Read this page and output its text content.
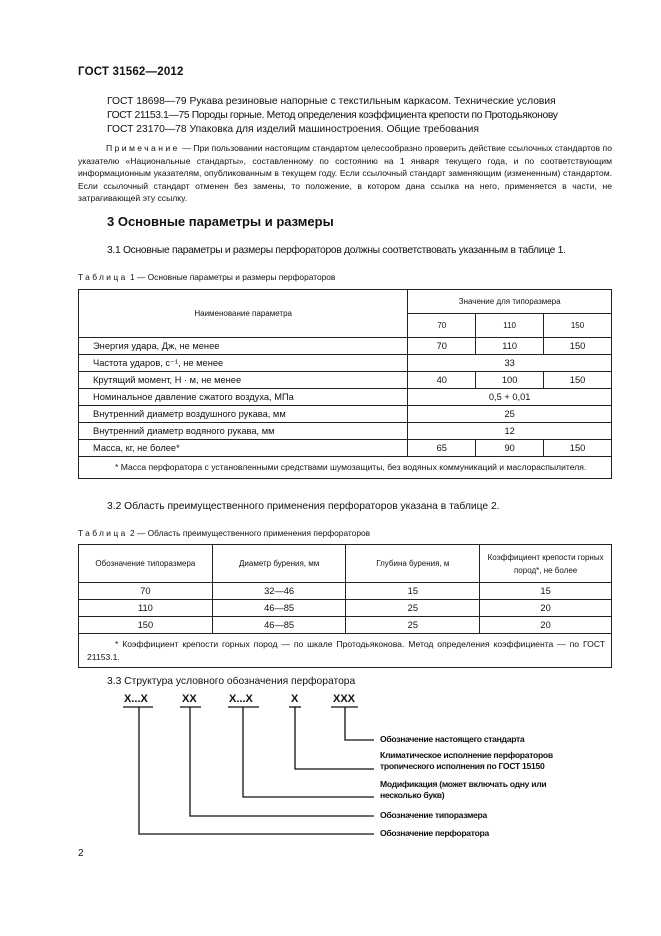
ГОСТ 31562—2012
ГОСТ 18698—79 Рукава резиновые напорные с текстильным каркасом. Технические условия
ГОСТ 21153.1—75 Породы горные. Метод определения коэффициента крепости по Протодьяконову
ГОСТ 23170—78 Упаковка для изделий машиностроения. Общие требования

Примечание — При пользовании настоящим стандартом целесообразно проверить действие ссылочных стандартов по указателю «Национальные стандарты», составленному по состоянию на 1 января текущего года, и по соответствующим информационным указателям, опубликованным в текущем году. Если ссылочный стандарт заменяющим (измененным) стандартом. Если ссылочный стандарт отменен без замены, то положение, в котором дана ссылка на него, применяется в части, не затрагивающей эту ссылку.

3 Основные параметры и размеры
3.1 Основные параметры и размеры перфораторов должны соответствовать указанным в таблице 1.
Таблица 1 — Основные параметры и размеры перфораторов
Наименование параметра	Значение для типоразмера		
	70	110	150
Энергия удара, Дж, не менее	70	110	150
Частота ударов, с⁻¹, не менее	33		
Крутящий момент, Н · м, не менее	40	100	150
Номинальное давление сжатого воздуха, МПа	0,5 + 0,01		
Внутренний диаметр воздушного рукава, мм	25		
Внутренний диаметр водяного рукава, мм	12		
Масса, кг, не более*	65	90	150
* Масса перфоратора с установленными средствами шумозащиты, без водяных коммуникаций и маслораспылителя.			
3.2 Область преимущественного применения перфораторов указана в таблице 2.
Таблица 2 — Область преимущественного применения перфораторов
Обозначение типоразмера	Диаметр бурения, мм	Глубина бурения, м	Коэффициент крепости горных пород*, не более
70	32—46	15	15
110	46—85	25	20
150	46—85	25	20
* Коэффициент крепости горных пород — по шкале Протодьяконова. Метод определения коэффициента — по ГОСТ 21153.1.			
3.3 Структура условного обозначения перфоратора
Х...Х	ХХ	Х...Х	Х	ХХХ
Обозначение настоящего стандарта
Климатическое исполнение перфораторов тропического исполнения по ГОСТ 15150
Модификация (может включать одну или несколько букв)
Обозначение типоразмера
Обозначение перфоратора
2
